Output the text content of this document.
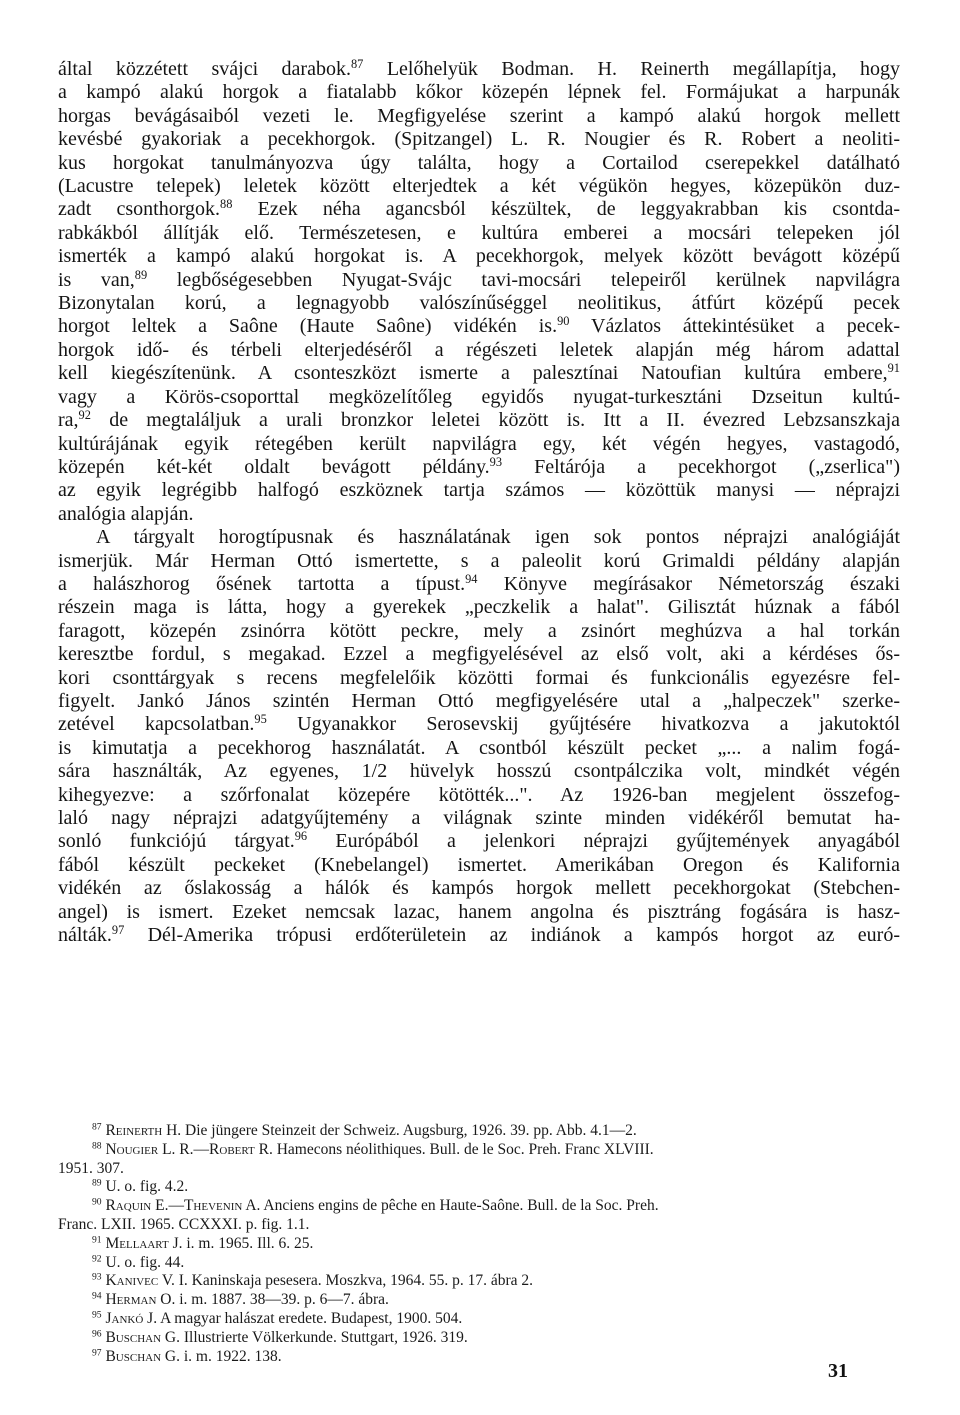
által közzétett svájci darabok.$^{87}$ Lelőhelyük Bodman. H. Reinerth megállapítja, hogy
a kampó alakú horgok a fiatalabb kőkor közepén lépnek fel. Formájukat a harpunák
horgas bevágásaiból vezeti le. Megfigyelése szerint a kampó alakú horgok mellett
kevésbé gyakoriak a pecekhorgok. (Spitzangel) L. R. Nougier és R. Robert a neoliti-
kus horgokat tanulmányozva úgy találta, hogy a Cortailod cserepekkel datálható
(Lacustre telepek) leletek között elterjedtek a két végükön hegyes, közepükön duz-
zadt csonthorgok.$^{88}$ Ezek néha agancsból készültek, de leggyakrabban kis csontda-
rabkákból állítják elő. Természetesen, e kultúra emberei a mocsári telepeken jól
ismerték a kampó alakú horgokat is. A pecekhorgok, melyek között bevágott középű
is van,$^{89}$ legbőségesebben Nyugat-Svájc tavi-mocsári telepeiről kerülnek napvilágra
Bizonytalan korú, a legnagyobb valószínűséggel neolitikus, átfúrt középű pecek
horgot leltek a Saône (Haute Saône) vidékén is.$^{90}$ Vázlatos áttekintésüket a pecek-
horgok idő- és térbeli elterjedéséről a régészeti leletek alapján még három adattal
kell kiegészítenünk. A csonteszközt ismerte a palesztínai Natoufian kultúra embere,$^{91}$
vagy a Körös-csoporttal megközelítőleg egyidős nyugat-turkesztáni Dzseitun kultú-
ra,$^{92}$ de megtaláljuk a urali bronzkor leletei között is. Itt a II. évezred Lebzsanszkaja
kultúrájának egyik rétegében került napvilágra egy, két végén hegyes, vastagodó,
közepén két-két oldalt bevágott példány.$^{93}$ Feltárója a pecekhorgot („zserlica")
az egyik legrégibb halfogó eszköznek tartja számos — közöttük manysi — néprajzi
analógia alapján.

A tárgyalt horogtípusnak és használatának igen sok pontos néprajzi analógiáját

ismerjük. Már Herman Ottó ismertette, s a paleolit korú Grimaldi példány alapján
a halászhorog ősének tartotta a típust.$^{94}$ Könyve megírásakor Németország északi
részein maga is látta, hogy a gyerekek „peczkelik a halat". Gilisztát húznak a fából
faragott, közepén zsinórra kötött peckre, mely a zsinórt meghúzva a hal torkán
keresztbe fordul, s megakad. Ezzel a megfigyelésével az első volt, aki a kérdéses ős-
kori csonttárgyak s recens megfelelőik közötti formai és funkcionális egyezésre fel-
figyelt. Jankó János szintén Herman Ottó megfigyelésére utal a „halpeczek" szerke-
zetével kapcsolatban.$^{95}$ Ugyanakkor Serosevskij gyűjtésére hivatkozva a jakutoktól
is kimutatja a pecekhorog használatát. A csontból készült pecket „... a nalim fogá-
sára használták, Az egyenes, 1/2 hüvelyk hosszú csontpálczika volt, mindkét végén
kihegyezve: a szőrfonalat közepére kötötték...". Az 1926-ban megjelent összefog-
laló nagy néprajzi adatgyűjtemény a világnak szinte minden vidékéről bemutat ha-
sonló funkciójú tárgyat.$^{96}$ Európából a jelenkori néprajzi gyűjtemények anyagából
fából készült peckeket (Knebelangel) ismertet. Amerikában Oregon és Kalifornia
vidékén az őslakosság a hálók és kampós horgok mellett pecekhorgokat (Stebchen-
angel) is ismert. Ezeket nemcsak lazac, hanem angolna és pisztráng fogására is hasz-
nálták.$^{97}$ Dél-Amerika trópusi erdőterületein az indiánok a kampós horgot az euró-

$^{87}$ Reinerth H. Die jüngere Steinzeit der Schweiz. Augsburg, 1926. 39. pp. Abb. 4.1—2.
$^{88}$ Nougier L. R.—Robert R. Hamecons néolithiques. Bull. de le Soc. Preh. Franc XLVIII.
1951. 307.
$^{89}$ U. o. fig. 4.2.
$^{90}$ Raquin E.—Thevenin A. Anciens engins de pêche en Haute-Saône. Bull. de la Soc. Preh.
Franc. LXII. 1965. CCXXXI. p. fig. 1.1.
$^{91}$ Mellaart J. i. m. 1965. Ill. 6. 25.
$^{92}$ U. o. fig. 44.
$^{93}$ Kanivec V. I. Kaninskaja pesesera. Moszkva, 1964. 55. p. 17. ábra 2.
$^{94}$ Herman O. i. m. 1887. 38—39. p. 6—7. ábra.
$^{95}$ Jankó J. A magyar halászat eredete. Budapest, 1900. 504.
$^{96}$ Buschan G. Illustrierte Völkerkunde. Stuttgart, 1926. 319.
$^{97}$ Buschan G. i. m. 1922. 138.
31
